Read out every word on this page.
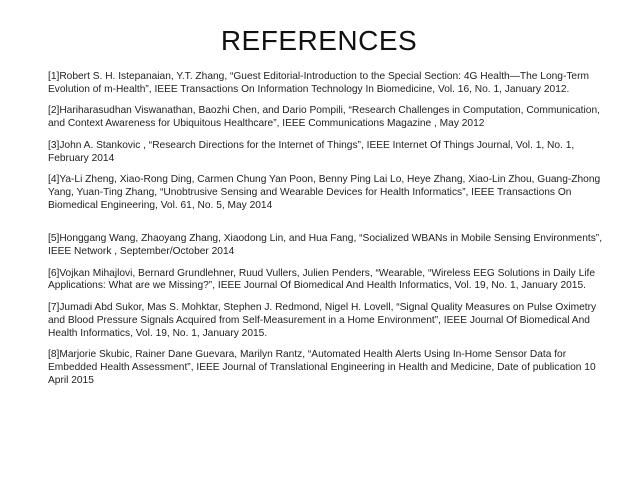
REFERENCES

[1]Robert S. H. Istepanaian, Y.T. Zhang, “Guest Editorial-Introduction to the Special Section: 4G Health—The Long-Term Evolution of m-Health”, IEEE Transactions On Information Technology In Biomedicine, Vol. 16, No. 1, January 2012.

[2]Hariharasudhan Viswanathan, Baozhi Chen, and Dario Pompili, “Research Challenges in Computation, Communication, and Context Awareness for Ubiquitous Healthcare”, IEEE Communications Magazine , May 2012

[3]John A. Stankovic , “Research Directions for the Internet of Things”, IEEE Internet Of Things Journal, Vol. 1, No. 1, February 2014

[4]Ya-Li Zheng, Xiao-Rong Ding, Carmen Chung Yan Poon, Benny Ping Lai Lo, Heye Zhang, Xiao-Lin Zhou, Guang-Zhong Yang, Yuan-Ting Zhang, “Unobtrusive Sensing and Wearable Devices for Health Informatics”, IEEE Transactions On Biomedical Engineering, Vol. 61, No. 5, May 2014

[5]Honggang Wang, Zhaoyang Zhang, Xiaodong Lin, and Hua Fang, “Socialized WBANs in Mobile Sensing Environments”, IEEE Network , September/October 2014

[6]Vojkan Mihajlovi, Bernard Grundlehner, Ruud Vullers, Julien Penders, “Wearable, “Wireless EEG Solutions in Daily Life Applications: What are we Missing?”, IEEE Journal Of Biomedical And Health Informatics, Vol. 19, No. 1, January 2015.

[7]Jumadi Abd Sukor, Mas S. Mohktar, Stephen J. Redmond, Nigel H. Lovell, “Signal Quality Measures on Pulse Oximetry and Blood Pressure Signals Acquired from Self-Measurement in a Home Environment”, IEEE Journal Of Biomedical And Health Informatics, Vol. 19, No. 1, January 2015.

[8]Marjorie Skubic, Rainer Dane Guevara, Marilyn Rantz, “Automated Health Alerts Using In-Home Sensor Data for Embedded Health Assessment”, IEEE Journal of Translational Engineering in Health and Medicine, Date of publication 10 April 2015
